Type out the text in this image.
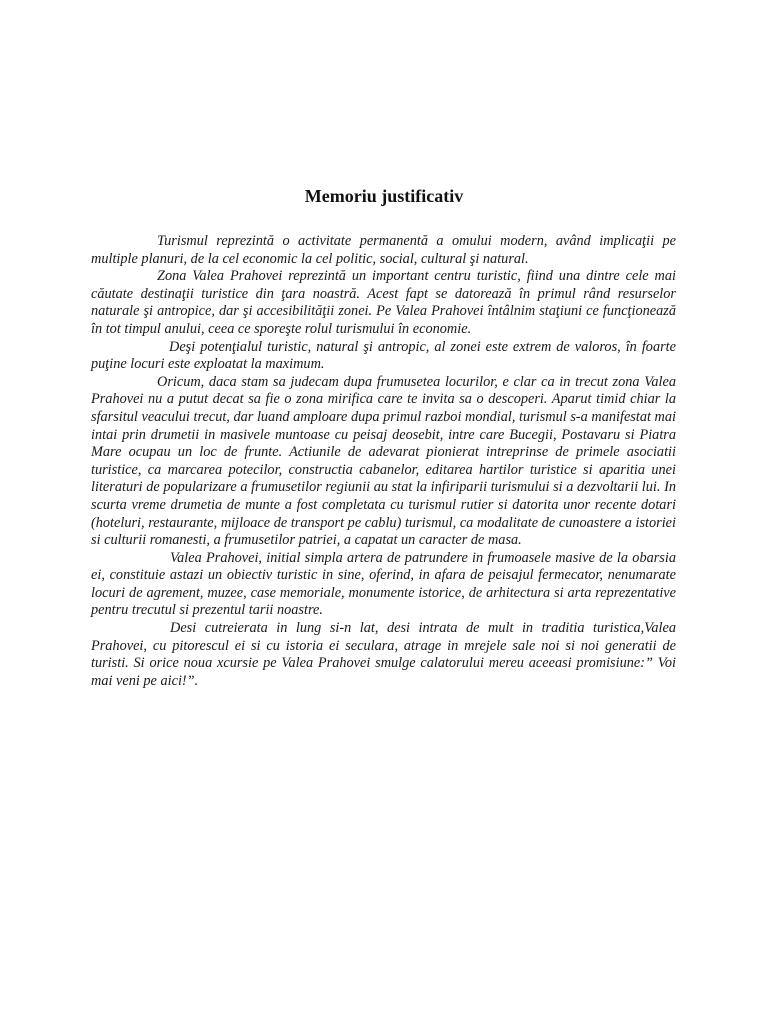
Memoriu justificativ

Turismul reprezintă o activitate permanentă a omului modern, având implicaţii pe multiple planuri, de la cel economic la cel politic, social, cultural şi natural.

Zona Valea Prahovei reprezintă un important centru turistic, fiind una dintre cele mai căutate destinaţii turistice din ţara noastră. Acest fapt se datorează în primul rând resurselor naturale şi antropice, dar şi accesibilităţii zonei. Pe Valea Prahovei întâlnim staţiuni ce funcţionează în tot timpul anului, ceea ce sporeşte rolul turismului în economie.

Deşi potenţialul turistic, natural şi antropic, al zonei este extrem de valoros, în foarte puţine locuri este exploatat la maximum.

Oricum, daca stam sa judecam dupa frumusetea locurilor, e clar ca in trecut zona Valea Prahovei nu a putut decat sa fie o zona mirifica care te invita sa o descoperi. Aparut timid chiar la sfarsitul veacului trecut, dar luand amploare dupa primul razboi mondial, turismul s-a manifestat mai intai prin drumetii in masivele muntoase cu peisaj deosebit, intre care Bucegii, Postavaru si Piatra Mare ocupau un loc de frunte. Actiunile de adevarat pionierat intreprinse de primele asociatii turistice, ca marcarea potecilor, constructia cabanelor, editarea hartilor turistice si aparitia unei literaturi de popularizare a frumusetilor regiunii au stat la infiriparii turismului si a dezvoltarii lui. In scurta vreme drumetia de munte a fost completata cu turismul rutier si datorita unor recente dotari (hoteluri, restaurante, mijloace de transport pe cablu) turismul, ca modalitate de cunoastere a istoriei si culturii romanesti, a frumusetilor patriei, a capatat un caracter de masa.

Valea Prahovei, initial simpla artera de patrundere in frumoasele masive de la obarsia ei, constituie astazi un obiectiv turistic in sine, oferind, in afara de peisajul fermecator, nenumarate locuri de agrement, muzee, case memoriale, monumente istorice, de arhitectura si arta reprezentative pentru trecutul si prezentul tarii noastre.

Desi cutreierata in lung si-n lat, desi intrata de mult in traditia turistica,Valea Prahovei, cu pitorescul ei si cu istoria ei seculara, atrage in mrejele sale noi si noi generatii de turisti. Si orice noua xcursie pe Valea Prahovei smulge calatorului mereu aceeasi promisiune:” Voi mai veni pe aici!”.
